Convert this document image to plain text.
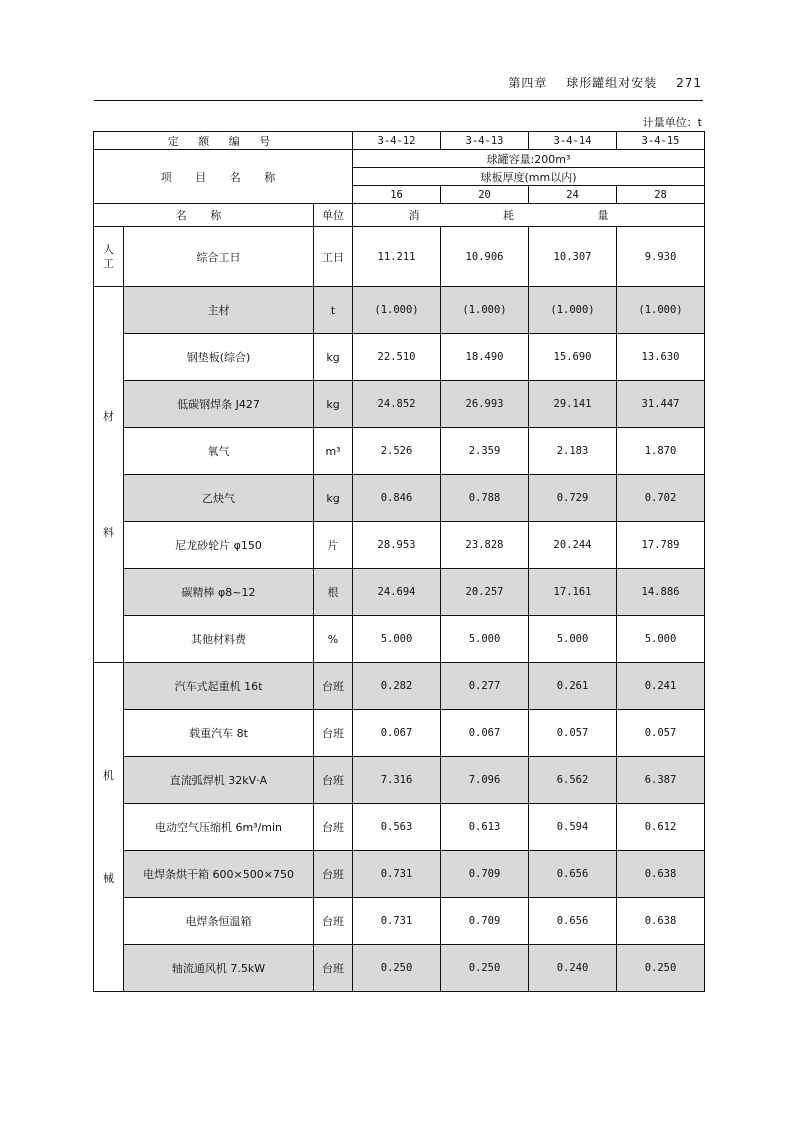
第四章 球形罐组对安装 271
计量单位：t
定 额 编 号			3-4-12	3-4-13	3-4-14	3-4-15
项 目 名 称			球罐容量:200m³			
			球板厚度(mm以内)			
			16	20	24	28
名 称		单位	消 耗 量			

人
工	综合工日	工日	11.211	10.906	10.307	9.930

材
料	主材	t	(1.000)	(1.000)	(1.000)	(1.000)
	钢垫板(综合)	kg	22.510	18.490	15.690	13.630
	低碳钢焊条 J427	kg	24.852	26.993	29.141	31.447
	氧气	m³	2.526	2.359	2.183	1.870
	乙炔气	kg	0.846	0.788	0.729	0.702
	尼龙砂轮片 φ150	片	28.953	23.828	20.244	17.789
	碳精棒 φ8~12	根	24.694	20.257	17.161	14.886
	其他材料费	%	5.000	5.000	5.000	5.000

机
械	汽车式起重机 16t	台班	0.282	0.277	0.261	0.241
	载重汽车 8t	台班	0.067	0.067	0.057	0.057
	直流弧焊机 32kV·A	台班	7.316	7.096	6.562	6.387
	电动空气压缩机 6m³/min	台班	0.563	0.613	0.594	0.612
	电焊条烘干箱 600×500×750	台班	0.731	0.709	0.656	0.638
	电焊条恒温箱	台班	0.731	0.709	0.656	0.638
	轴流通风机 7.5kW	台班	0.250	0.250	0.240	0.250
